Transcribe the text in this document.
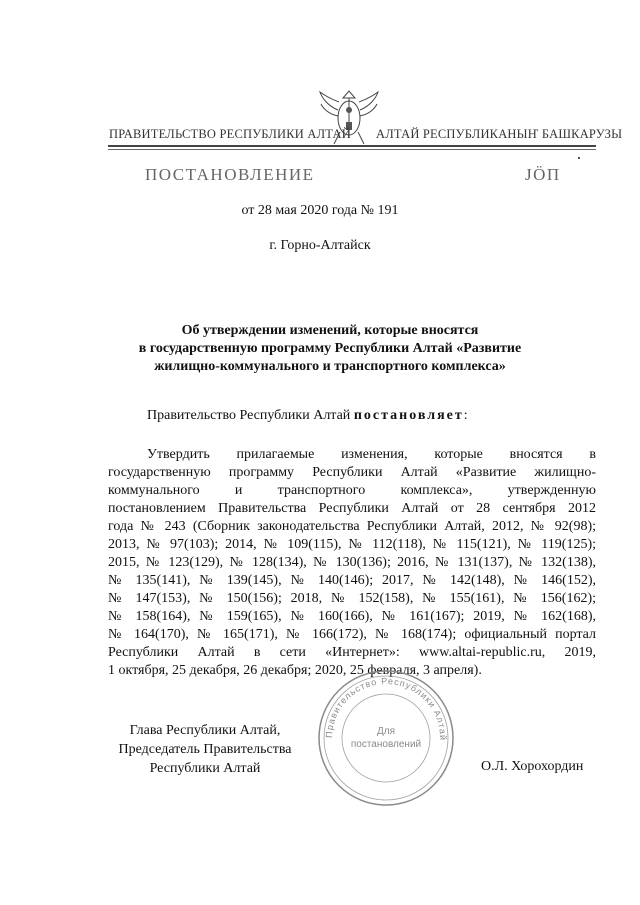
ПРАВИТЕЛЬСТВО РЕСПУБЛИКИ АЛТАЙ АЛТАЙ РЕСПУБЛИКАНЫҤ БАШКАРУЗЫ
ПОСТАНОВЛЕНИЕ	ЈӦП
от 28 мая 2020 года № 191
г. Горно-Алтайск
Об утверждении изменений, которые вносятся
в государственную программу Республики Алтай «Развитие
жилищно-коммунального и транспортного комплекса»
Правительство Республики Алтай постановляет:
Утвердить прилагаемые изменения, которые вносятся в
государственную программу Республики Алтай «Развитие жилищно-
коммунального и транспортного комплекса», утвержденную
постановлением Правительства Республики Алтай от 28 сентября 2012
года № 243 (Сборник законодательства Республики Алтай, 2012, № 92(98);
2013, № 97(103); 2014, № 109(115), № 112(118), № 115(121), № 119(125);
2015, № 123(129), № 128(134), № 130(136); 2016, № 131(137), № 132(138),
№ 135(141), № 139(145), № 140(146); 2017, № 142(148), № 146(152),
№ 147(153), № 150(156); 2018, № 152(158), № 155(161), № 156(162);
№ 158(164), № 159(165), № 160(166), № 161(167); 2019, № 162(168),
№ 164(170), № 165(171), № 166(172), № 168(174); официальный портал
Республики Алтай в сети «Интернет»: www.altai-republic.ru, 2019,
1 октября, 25 декабря, 26 декабря; 2020, 25 февраля, 3 апреля).
Глава Республики Алтай,
Председатель Правительства
Республики Алтай	О.Л. Хорохордин
Правительство Республики Алтай
Для
постановлений
